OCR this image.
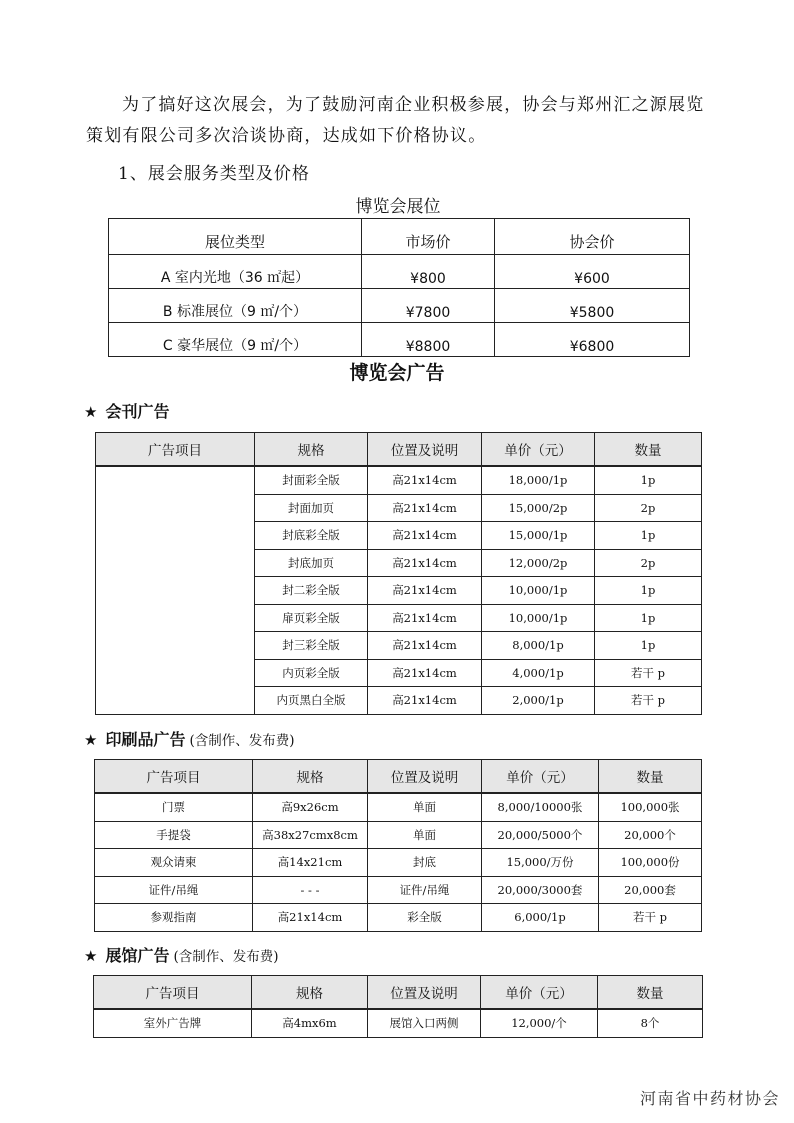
为了搞好这次展会，为了鼓励河南企业积极参展，协会与郑州汇之源展览策划有限公司多次洽谈协商，达成如下价格协议。
1、展会服务类型及价格
博览会展位
展位类型	市场价	协会价
A 室内光地（36 ㎡起）	¥800	¥600
B 标准展位（9 ㎡/个）	¥7800	¥5800
C 豪华展位（9 ㎡/个）	¥8800	¥6800
博览会广告
★ 会刊广告
广告项目	规格	位置及说明	单价（元）	数量
	封面彩全版	高21x14cm	18,000/1p	1p
	封面加页	高21x14cm	15,000/2p	2p
	封底彩全版	高21x14cm	15,000/1p	1p
	封底加页	高21x14cm	12,000/2p	2p
	封二彩全版	高21x14cm	10,000/1p	1p
	扉页彩全版	高21x14cm	10,000/1p	1p
	封三彩全版	高21x14cm	8,000/1p	1p
	内页彩全版	高21x14cm	4,000/1p	若干 p
	内页黑白全版	高21x14cm	2,000/1p	若干 p
★ 印刷品广告 (含制作、发布费)
广告项目	规格	位置及说明	单价（元）	数量
门票	高9x26cm	单面	8,000/10000张	100,000张
手提袋	高38x27cmx8cm	单面	20,000/5000个	20,000个
观众请柬	高14x21cm	封底	15,000/万份	100,000份
证件/吊绳	- - -	证件/吊绳	20,000/3000套	20,000套
参观指南	高21x14cm	彩全版	6,000/1p	若干 p
★ 展馆广告 (含制作、发布费)
广告项目	规格	位置及说明	单价（元）	数量
室外广告牌	高4mx6m	展馆入口两侧	12,000/个	8个
河南省中药材协会
